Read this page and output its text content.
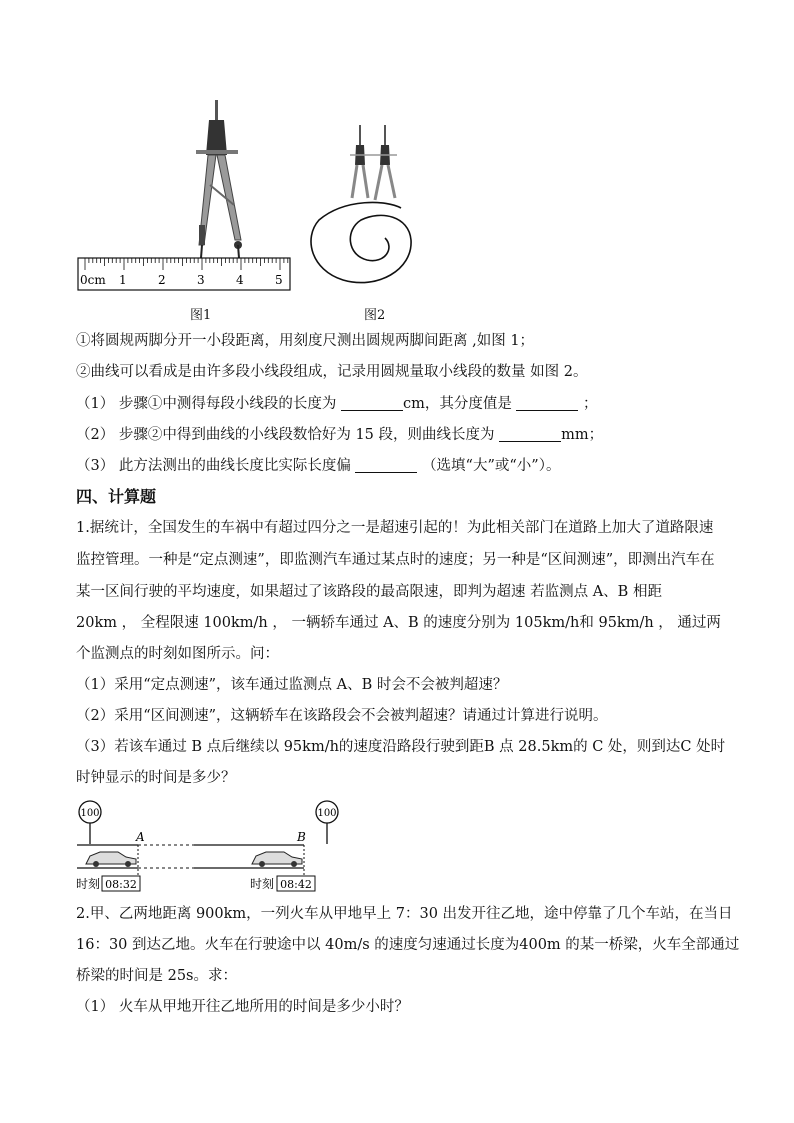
0cm 1	2	3	4	5
图1	图2
①将圆规两脚分开一小段距离，用刻度尺测出圆规两脚间距离 ,如图 1；
②曲线可以看成是由许多段小线段组成，记录用圆规量取小线段的数量 如图 2。
（1） 步骤①中测得每段小线段的长度为	cm，其分度值是	；
（2） 步骤②中得到曲线的小线段数恰好为 15 段，则曲线长度为	mm；
（3） 此方法测出的曲线长度比实际长度偏	（选填“大”或“小”）。
四、计算题
1.据统计，全国发生的车祸中有超过四分之一是超速引起的！为此相关部门在道路上加大了道路限速
监控管理。一种是“定点测速”，即监测汽车通过某点时的速度；另一种是“区间测速”，即测出汽车在
某一区间行驶的平均速度，如果超过了该路段的最高限速，即判为超速 若监测点 A、B 相距
20km ， 全程限速 100km/h ， 一辆轿车通过 A、B 的速度分别为 105km/h和 95km/h ， 通过两
个监测点的时刻如图所示。问：
（1）采用“定点测速”，该车通过监测点 A、B 时会不会被判超速？
（2）采用“区间测速”，这辆轿车在该路段会不会被判超速？请通过计算进行说明。
（3）若该车通过 B 点后继续以 95km/h的速度沿路段行驶到距B 点 28.5km的 C 处，则到达C 处时
时钟显示的时间是多少？
100	100
A	B
时刻 08:32	时刻 08:42
2.甲、乙两地距离 900km，一列火车从甲地早上 7：30 出发开往乙地，途中停靠了几个车站，在当日
16：30 到达乙地。火车在行驶途中以 40m/s 的速度匀速通过长度为400m 的某一桥梁，火车全部通过
桥梁的时间是 25s。求：
（1） 火车从甲地开往乙地所用的时间是多少小时？
